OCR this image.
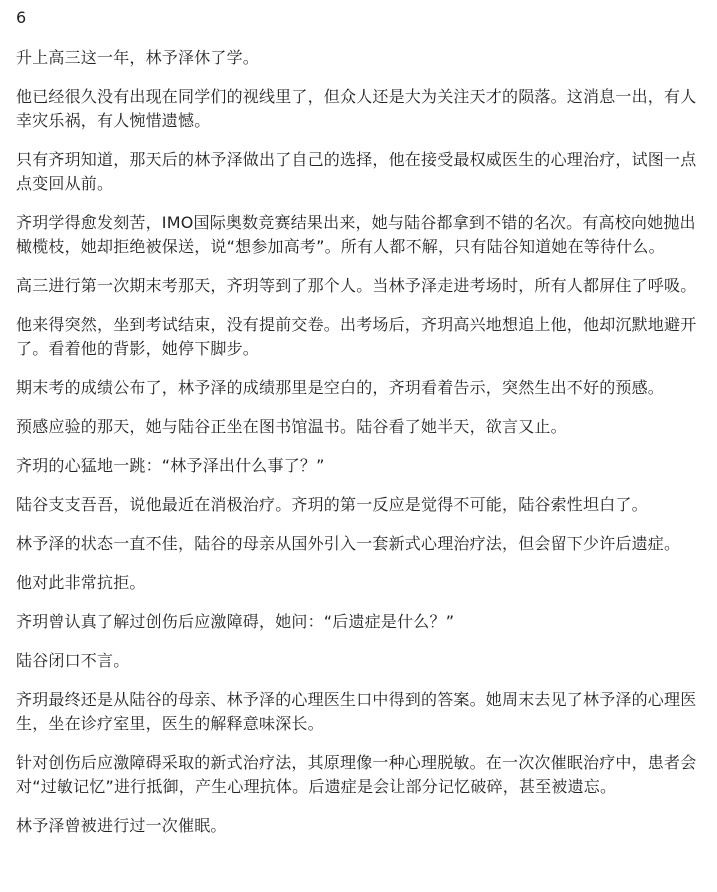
6

升上高三这一年，林予泽休了学。

他已经很久没有出现在同学们的视线里了，但众人还是大为关注天才的陨落。这消息一出，有人幸灾乐祸，有人惋惜遗憾。

只有齐玥知道，那天后的林予泽做出了自己的选择，他在接受最权威医生的心理治疗，试图一点点变回从前。

齐玥学得愈发刻苦，IMO国际奥数竞赛结果出来，她与陆谷都拿到不错的名次。有高校向她抛出橄榄枝，她却拒绝被保送，说“想参加高考”。所有人都不解，只有陆谷知道她在等待什么。

高三进行第一次期末考那天，齐玥等到了那个人。当林予泽走进考场时，所有人都屏住了呼吸。

他来得突然，坐到考试结束，没有提前交卷。出考场后，齐玥高兴地想追上他，他却沉默地避开了。看着他的背影，她停下脚步。

期末考的成绩公布了，林予泽的成绩那里是空白的，齐玥看着告示，突然生出不好的预感。

预感应验的那天，她与陆谷正坐在图书馆温书。陆谷看了她半天，欲言又止。

齐玥的心猛地一跳：“林予泽出什么事了？”

陆谷支支吾吾，说他最近在消极治疗。齐玥的第一反应是觉得不可能，陆谷索性坦白了。

林予泽的状态一直不佳，陆谷的母亲从国外引入一套新式心理治疗法，但会留下少许后遗症。

他对此非常抗拒。

齐玥曾认真了解过创伤后应激障碍，她问：“后遗症是什么？”

陆谷闭口不言。

齐玥最终还是从陆谷的母亲、林予泽的心理医生口中得到的答案。她周末去见了林予泽的心理医生，坐在诊疗室里，医生的解释意味深长。

针对创伤后应激障碍采取的新式治疗法，其原理像一种心理脱敏。在一次次催眠治疗中，患者会对“过敏记忆”进行抵御，产生心理抗体。后遗症是会让部分记忆破碎，甚至被遗忘。

林予泽曾被进行过一次催眠。
